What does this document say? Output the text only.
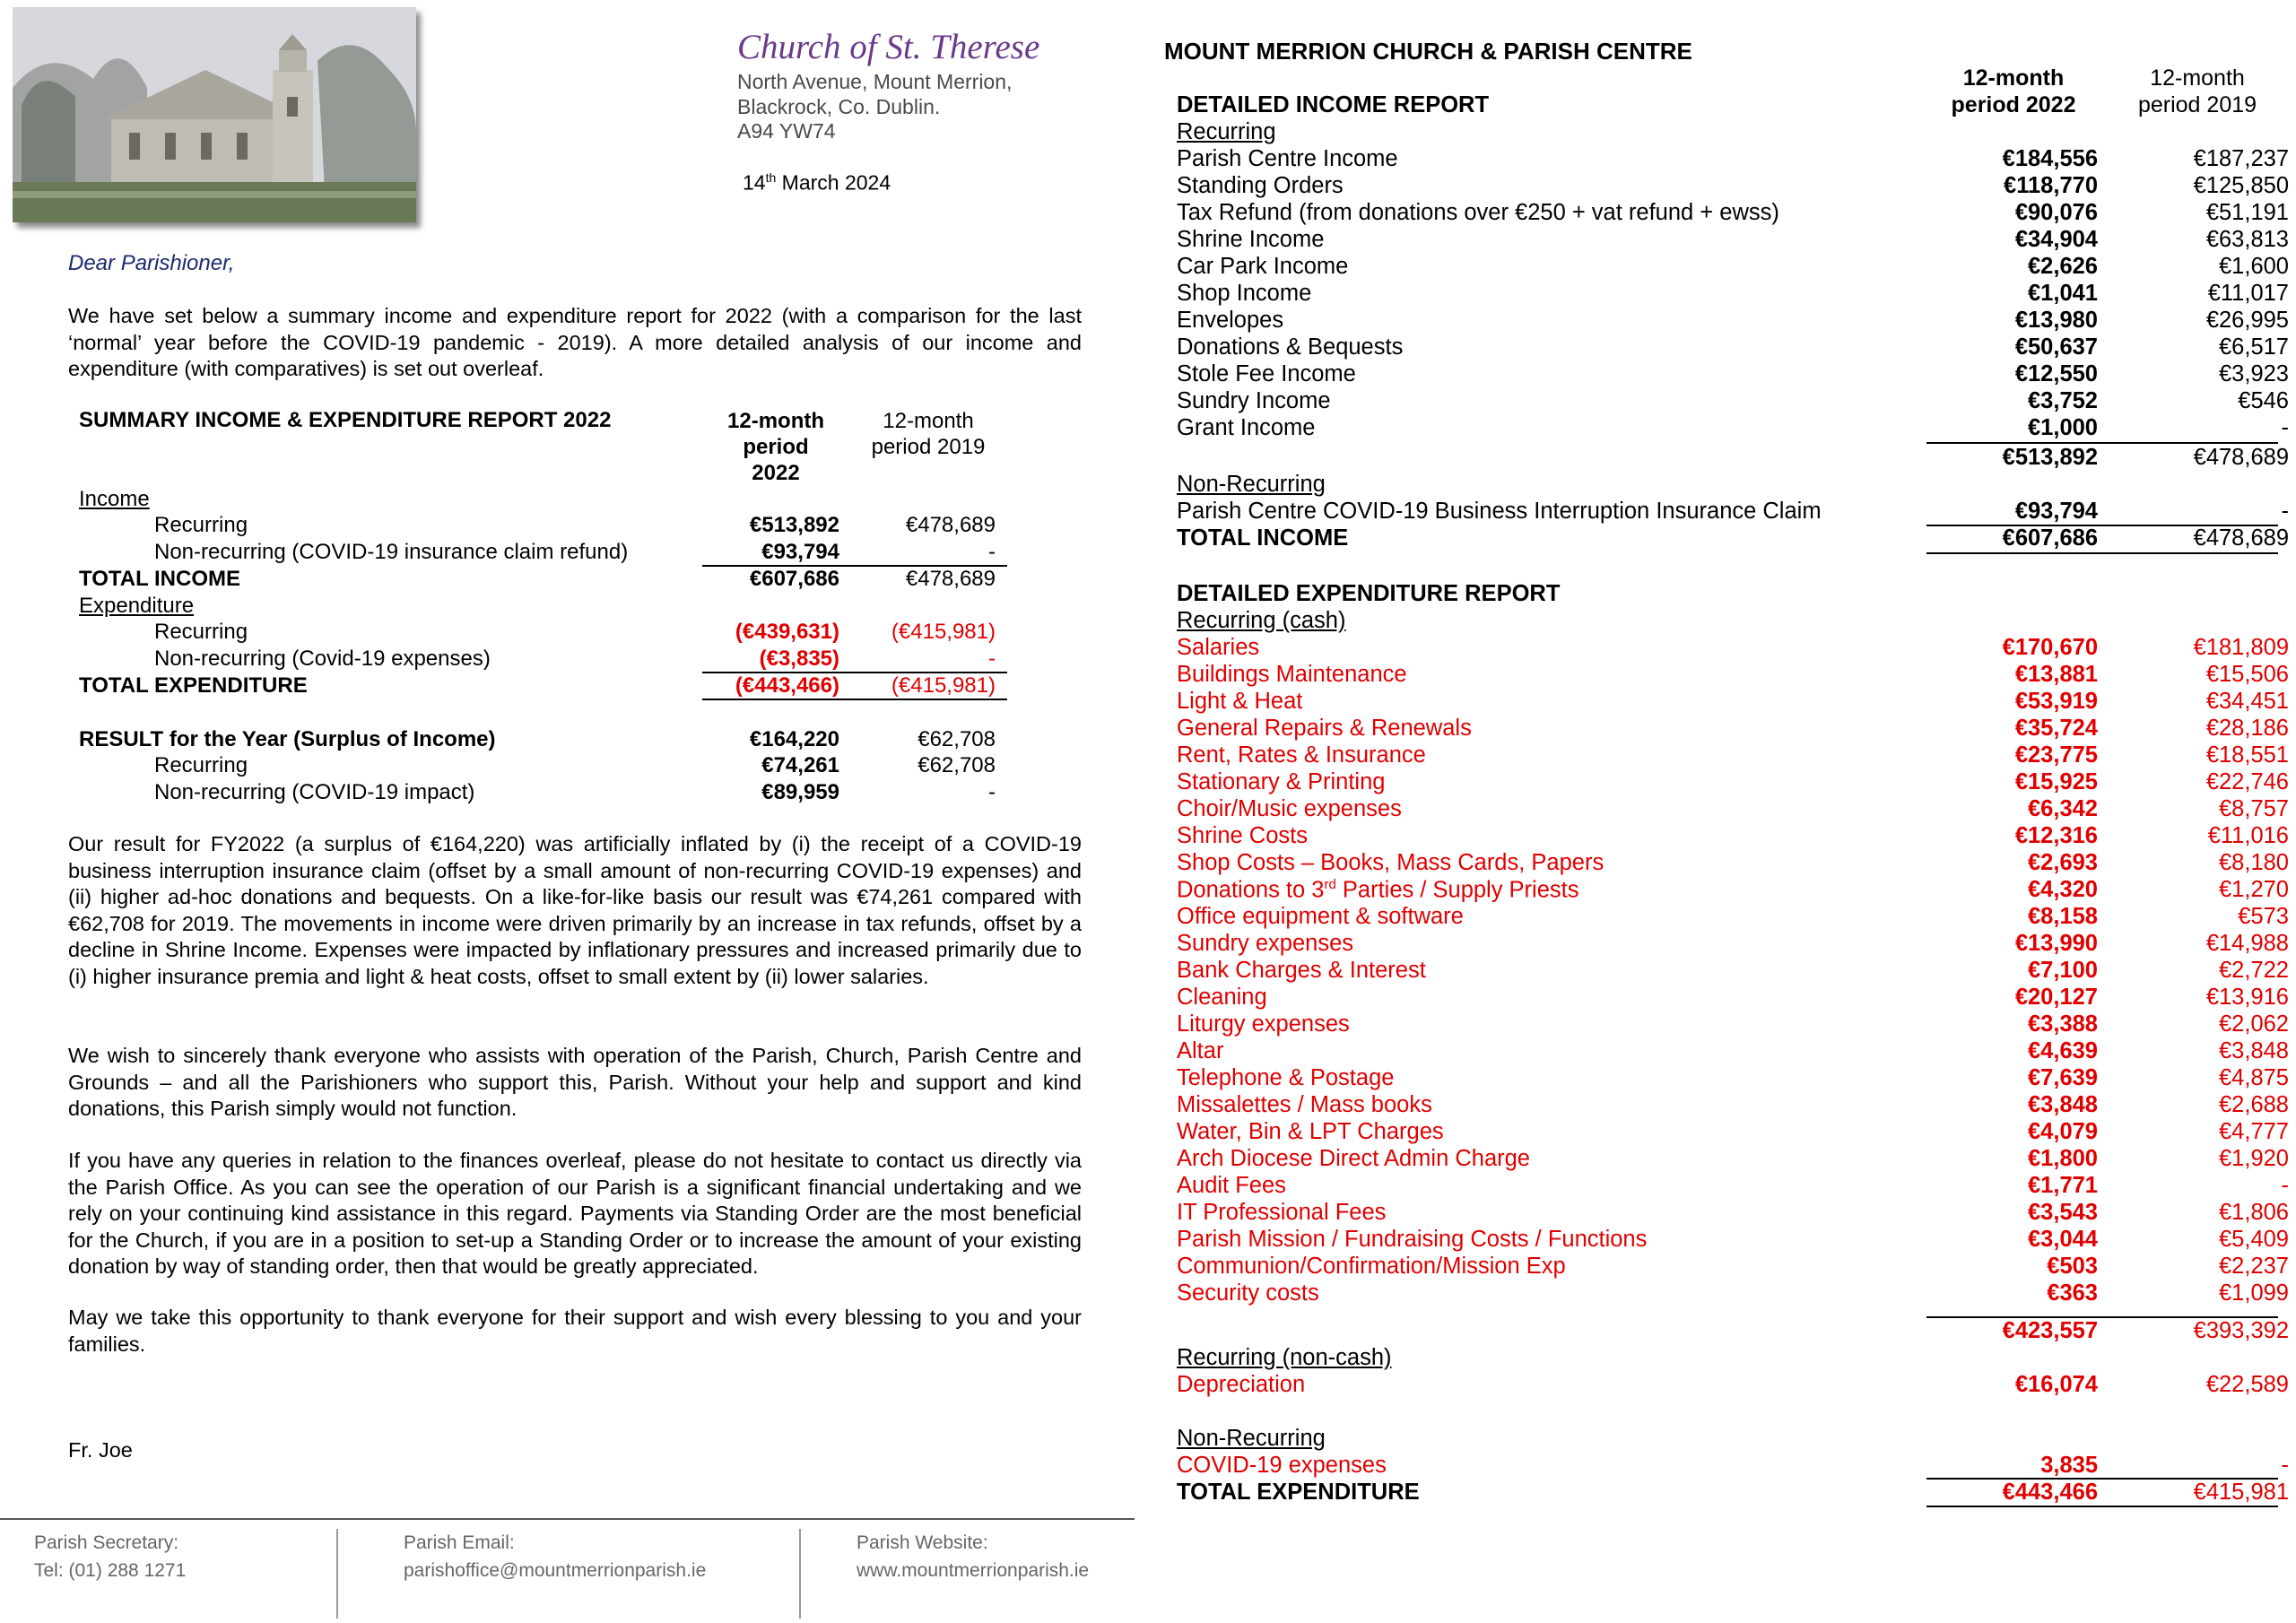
Church of St. Therese
North Avenue, Mount Merrion,
Blackrock, Co. Dublin.
A94 YW74
14th March 2024
Dear Parishioner,
We have set below a summary income and expenditure report for 2022 (with a comparison for the last ‘normal’ year before the COVID-19 pandemic - 2019). A more detailed analysis of our income and expenditure (with comparatives) is set out overleaf.
SUMMARY INCOME & EXPENDITURE REPORT 2022	12-month
period
2022
12-month
period 2019
Income
Recurring	€513,892	€478,689
Non-recurring (COVID-19 insurance claim refund)	€93,794	-
TOTAL INCOME	€607,686	€478,689
Expenditure
Recurring	(€439,631)	(€415,981)
Non-recurring (Covid-19 expenses)	(€3,835)	-
TOTAL EXPENDITURE	(€443,466)	(€415,981)
RESULT for the Year (Surplus of Income)	€164,220	€62,708
Recurring	€74,261	€62,708
Non-recurring (COVID-19 impact)	€89,959	-
Our result for FY2022 (a surplus of €164,220) was artificially inflated by (i) the receipt of a COVID-19 business interruption insurance claim (offset by a small amount of non-recurring COVID-19 expenses) and (ii) higher ad-hoc donations and bequests. On a like-for-like basis our result was €74,261 compared with €62,708 for 2019. The movements in income were driven primarily by an increase in tax refunds, offset by a decline in Shrine Income. Expenses were impacted by inflationary pressures and increased primarily due to (i) higher insurance premia and light & heat costs, offset to small extent by (ii) lower salaries.
We wish to sincerely thank everyone who assists with operation of the Parish, Church, Parish Centre and Grounds – and all the Parishioners who support this, Parish. Without your help and support and kind donations, this Parish simply would not function.
If you have any queries in relation to the finances overleaf, please do not hesitate to contact us directly via the Parish Office. As you can see the operation of our Parish is a significant financial undertaking and we rely on your continuing kind assistance in this regard. Payments via Standing Order are the most beneficial for the Church, if you are in a position to set-up a Standing Order or to increase the amount of your existing donation by way of standing order, then that would be greatly appreciated.
May we take this opportunity to thank everyone for their support and wish every blessing to you and your families.
Fr. Joe
Parish Secretary:
Tel: (01) 288 1271
Parish Email:
parishoffice@mountmerrionparish.ie
Parish Website:
www.mountmerrionparish.ie
MOUNT MERRION CHURCH & PARISH CENTRE
12-month
period 2022
12-month
period 2019
DETAILED INCOME REPORT
Recurring
Parish Centre Income	€184,556	€187,237
Standing Orders	€118,770	€125,850
Tax Refund (from donations over €250 + vat refund + ewss)	€90,076	€51,191
Shrine Income	€34,904	€63,813
Car Park Income	€2,626	€1,600
Shop Income	€1,041	€11,017
Envelopes	€13,980	€26,995
Donations & Bequests	€50,637	€6,517
Stole Fee Income	€12,550	€3,923
Sundry Income	€3,752	€546
Grant Income	€1,000	-
€513,892	€478,689
Non-Recurring
Parish Centre COVID-19 Business Interruption Insurance Claim	€93,794	-
TOTAL INCOME	€607,686	€478,689
DETAILED EXPENDITURE REPORT
Recurring (cash)
Salaries	€170,670	€181,809
Buildings Maintenance	€13,881	€15,506
Light & Heat	€53,919	€34,451
General Repairs & Renewals	€35,724	€28,186
Rent, Rates & Insurance	€23,775	€18,551
Stationary & Printing	€15,925	€22,746
Choir/Music expenses	€6,342	€8,757
Shrine Costs	€12,316	€11,016
Shop Costs – Books, Mass Cards, Papers	€2,693	€8,180
Donations to 3rd Parties / Supply Priests	€4,320	€1,270
Office equipment & software	€8,158	€573
Sundry expenses	€13,990	€14,988
Bank Charges & Interest	€7,100	€2,722
Cleaning	€20,127	€13,916
Liturgy expenses	€3,388	€2,062
Altar	€4,639	€3,848
Telephone & Postage	€7,639	€4,875
Missalettes / Mass books	€3,848	€2,688
Water, Bin & LPT Charges	€4,079	€4,777
Arch Diocese Direct Admin Charge	€1,800	€1,920
Audit Fees	€1,771	-
IT Professional Fees	€3,543	€1,806
Parish Mission / Fundraising Costs / Functions	€3,044	€5,409
Communion/Confirmation/Mission Exp	€503	€2,237
Security costs	€363	€1,099
€423,557	€393,392
Recurring (non-cash)
Depreciation	€16,074	€22,589
Non-Recurring
COVID-19 expenses	3,835	-
TOTAL EXPENDITURE	€443,466	€415,981
